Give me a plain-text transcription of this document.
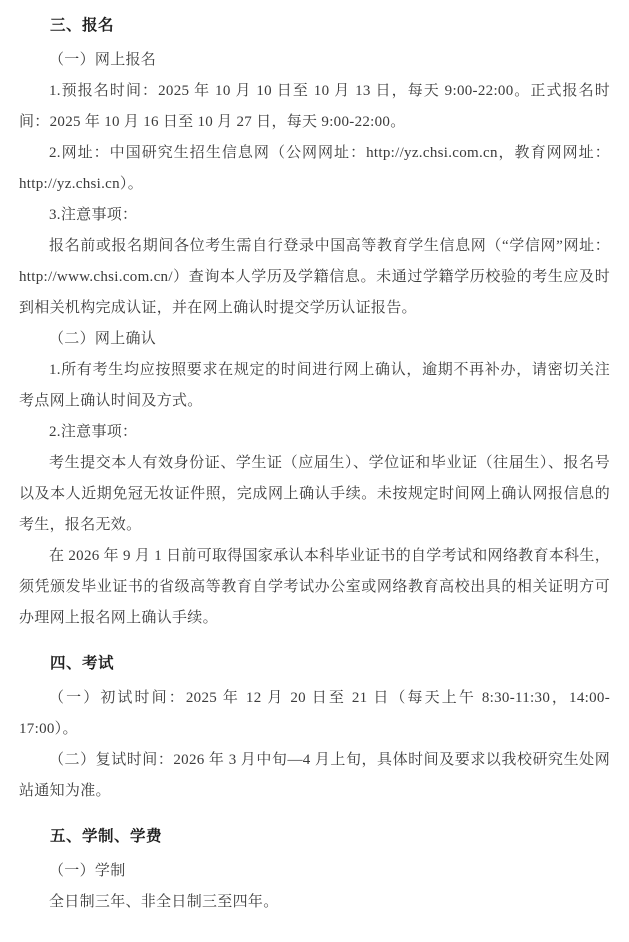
三、报名

（一）网上报名

1.预报名时间：2025 年 10 月 10 日至 10 月 13 日，每天 9:00-22:00。正式报名时间：2025 年 10 月 16 日至 10 月 27 日，每天 9:00-22:00。

2.网址：中国研究生招生信息网（公网网址：http://yz.chsi.com.cn，教育网网址：http://yz.chsi.cn）。

3.注意事项：

报名前或报名期间各位考生需自行登录中国高等教育学生信息网（“学信网”网址：http://www.chsi.com.cn/）查询本人学历及学籍信息。未通过学籍学历校验的考生应及时到相关机构完成认证，并在网上确认时提交学历认证报告。

（二）网上确认

1.所有考生均应按照要求在规定的时间进行网上确认，逾期不再补办，请密切关注考点网上确认时间及方式。

2.注意事项：

考生提交本人有效身份证、学生证（应届生）、学位证和毕业证（往届生）、报名号以及本人近期免冠无妆证件照，完成网上确认手续。未按规定时间网上确认网报信息的考生，报名无效。

在 2026 年 9 月 1 日前可取得国家承认本科毕业证书的自学考试和网络教育本科生，须凭颁发毕业证书的省级高等教育自学考试办公室或网络教育高校出具的相关证明方可办理网上报名网上确认手续。

四、考试

（一）初试时间：2025 年 12 月 20 日至 21 日（每天上午 8:30-11:30，14:00-17:00）。

（二）复试时间：2026 年 3 月中旬—4 月上旬，具体时间及要求以我校研究生处网站通知为准。

五、学制、学费

（一）学制

全日制三年、非全日制三至四年。
